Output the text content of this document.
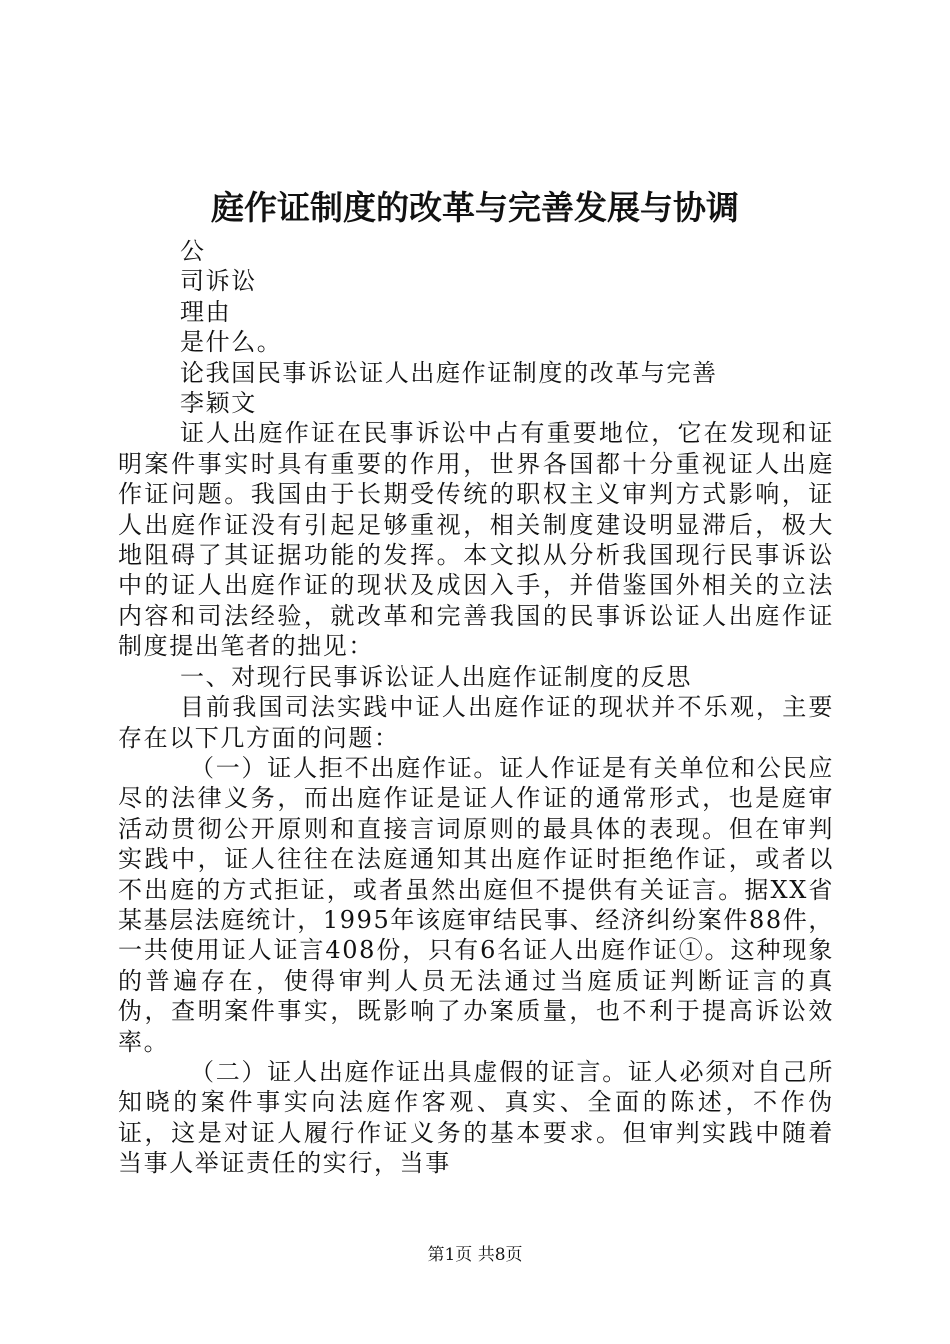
庭作证制度的改革与完善发展与协调

公

司诉讼

理由

是什么。

论我国民事诉讼证人出庭作证制度的改革与完善

李颖文

证人出庭作证在民事诉讼中占有重要地位，它在发现和证明案件事实时具有重要的作用，世界各国都十分重视证人出庭作证问题。我国由于长期受传统的职权主义审判方式影响，证人出庭作证没有引起足够重视，相关制度建设明显滞后，极大地阻碍了其证据功能的发挥。本文拟从分析我国现行民事诉讼中的证人出庭作证的现状及成因入手，并借鉴国外相关的立法内容和司法经验，就改革和完善我国的民事诉讼证人出庭作证制度提出笔者的拙见：

一、对现行民事诉讼证人出庭作证制度的反思

目前我国司法实践中证人出庭作证的现状并不乐观，主要存在以下几方面的问题：

（一）证人拒不出庭作证。证人作证是有关单位和公民应尽的法律义务，而出庭作证是证人作证的通常形式，也是庭审活动贯彻公开原则和直接言词原则的最具体的表现。但在审判实践中，证人往往在法庭通知其出庭作证时拒绝作证，或者以不出庭的方式拒证，或者虽然出庭但不提供有关证言。据XX省某基层法庭统计，1995年该庭审结民事、经济纠纷案件88件，一共使用证人证言408份，只有6名证人出庭作证①。这种现象的普遍存在，使得审判人员无法通过当庭质证判断证言的真伪，查明案件事实，既影响了办案质量，也不利于提高诉讼效率。

（二）证人出庭作证出具虚假的证言。证人必须对自己所知晓的案件事实向法庭作客观、真实、全面的陈述，不作伪证，这是对证人履行作证义务的基本要求。但审判实践中随着当事人举证责任的实行，当事

第1页 共8页
